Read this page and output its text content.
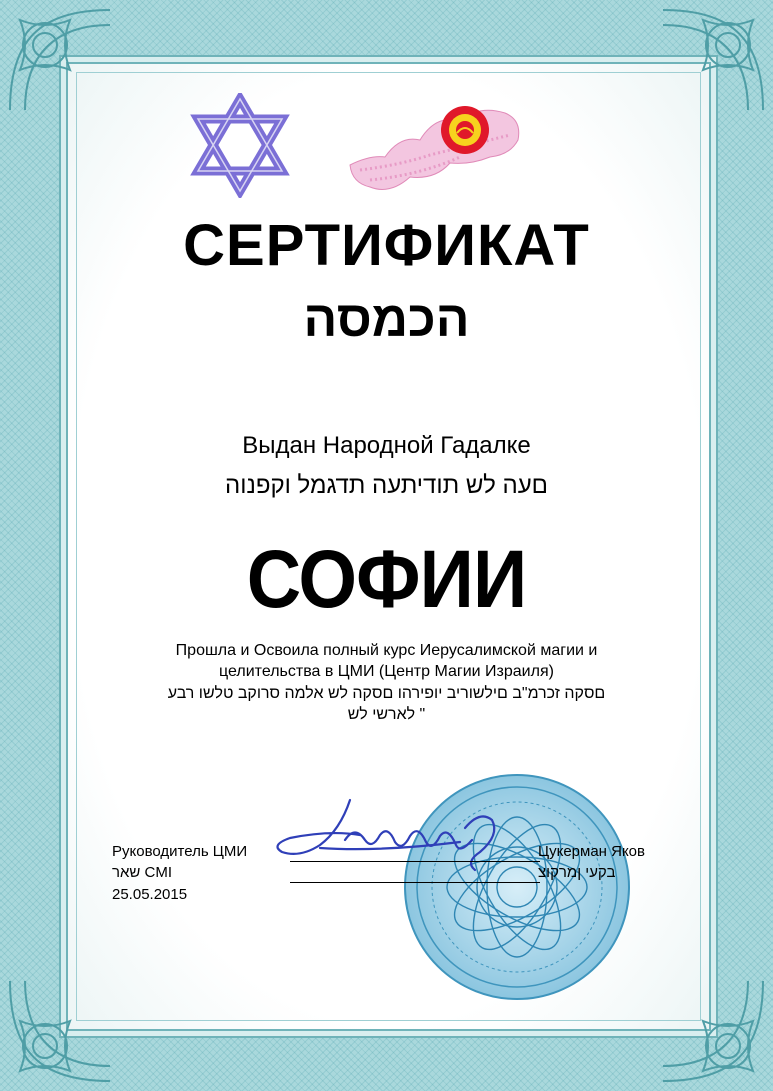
СЕРТИФИКАТ
הכמסה
Выдан Народной Гадалке
םעה לש תודיתעה תדגמל וקפנוה
СОФИИ
Прошла и Освоила полный курс Иерусалимской магии и
целительства в ЦМИ (Центр Магии Израиля)
םסקה זכרמ"ב םילשוריב יופירהו םסקה לש אלמה סרוקב טלשו רבע
" לארשי לש
Руководитель ЦМИ
שאר CMI
25.05.2015
Цукерман Яков
בקעי ןמרקוצ
